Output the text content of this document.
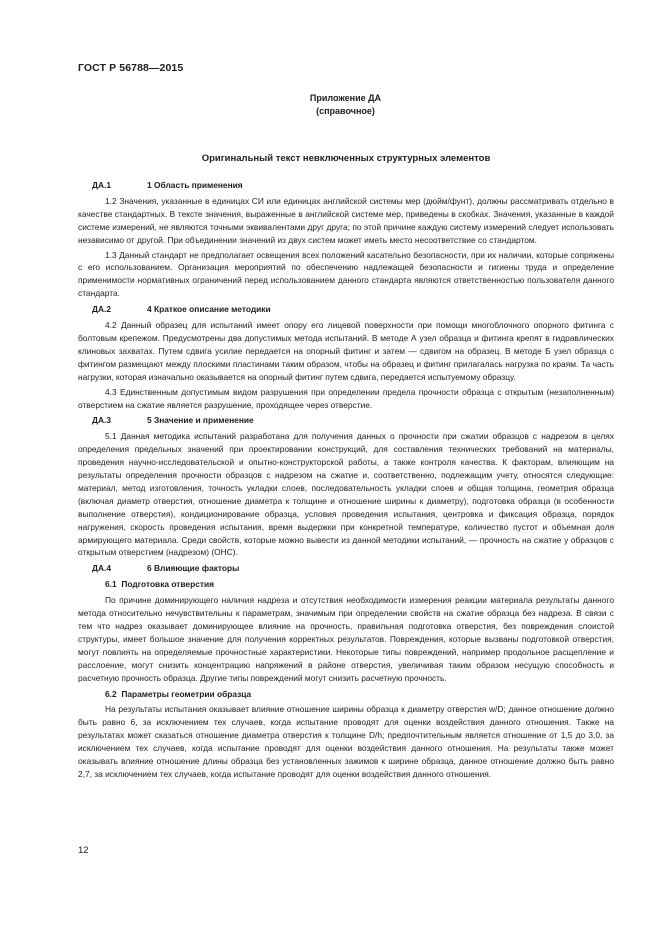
ГОСТ Р 56788—2015
Приложение ДА
(справочное)
Оригинальный текст невключенных структурных элементов
ДА.1	1 Область применения

1.2 Значения, указанные в единицах СИ или единицах английской системы мер (дюйм/фунт), должны рассматривать отдельно в качестве стандартных. В тексте значения, выраженные в английской системе мер, приведены в скобках. Значения, указанные в каждой системе измерений, не являются точными эквивалентами друг друга; по этой причине каждую систему измерений следует использовать независимо от другой. При объединении значений из двух систем может иметь место несоответствие со стандартом.

1.3 Данный стандарт не предполагает освещения всех положений касательно безопасности, при их наличии, которые сопряжены с его использованием. Организация мероприятий по обеспечению надлежащей безопасности и гигиены труда и определение применимости нормативных ограничений перед использованием данного стандарта являются ответственностью пользователя данного стандарта.

ДА.2	4 Краткое описание методики

4.2 Данный образец для испытаний имеет опору его лицевой поверхности при помощи многоблочного опорного фитинга с болтовым крепежом. Предусмотрены два допустимых метода испытаний. В методе А узел образца и фитинга крепят в гидравлических клиновых захватах. Путем сдвига усилие передается на опорный фитинг и затем — сдвигом на образец. В методе Б узел образца с фитингом размещают между плоскими пластинами таким образом, чтобы на образец и фитинг прилагалась нагрузка по краям. Та часть нагрузки, которая изначально оказывается на опорный фитинг путем сдвига, передается испытуемому образцу.

4.3 Единственным допустимым видом разрушения при определении предела прочности образца с открытым (незаполненным) отверстием на сжатие является разрушение, проходящее через отверстие.

ДА.3	5 Значение и применение

5.1 Данная методика испытаний разработана для получения данных о прочности при сжатии образцов с надрезом в целях определения предельных значений при проектировании конструкций, для составления технических требований на материалы, проведения научно-исследовательской и опытно-конструкторской работы, а также контроля качества. К факторам, влияющим на результаты определения прочности образцов с надрезом на сжатие и, соответственно, подлежащим учету, относятся следующие: материал, метод изготовления, точность укладки слоев, последовательность укладки слоев и общая толщина, геометрия образца (включая диаметр отверстия, отношение диаметра к толщине и отношение ширины к диаметру), подготовка образца (в особенности выполнение отверстия), кондиционирование образца, условия проведения испытания, центровка и фиксация образца, порядок нагружения, скорость проведения испытания, время выдержки при конкретной температуре, количество пустот и объемная доля армирующего материала. Среди свойств, которые можно вывести из данной методики испытаний, — прочность на сжатие у образцов с открытым отверстием (надрезом) (ОНС).

ДА.4	6 Влияющие факторы
6.1 Подготовка отверстия

По причине доминирующего наличия надреза и отсутствия необходимости измерения реакции материала результаты данного метода относительно нечувствительны к параметрам, значимым при определении свойств на сжатие образца без надреза. В связи с тем что надрез оказывает доминирующее влияние на прочность, правильная подготовка отверстия, без повреждения слоистой структуры, имеет большое значение для получения корректных результатов. Повреждения, которые вызваны подготовкой отверстия, могут повлиять на определяемые прочностные характеристики. Некоторые типы повреждений, например продольное расщепление и расслоение, могут снизить концентрацию напряжений в районе отверстия, увеличивая таким образом несущую способность и расчетную прочность образца. Другие типы повреждений могут снизить расчетную прочность.

6.2 Параметры геометрии образца

На результаты испытания оказывает влияние отношение ширины образца к диаметру отверстия w/D; данное отношение должно быть равно 6, за исключением тех случаев, когда испытание проводят для оценки воздействия данного отношения. Также на результатах может сказаться отношение диаметра отверстия к толщине D/h; предпочтительным является отношение от 1,5 до 3,0, за исключением тех случаев, когда испытание проводят для оценки воздействия данного отношения. На результаты также может оказывать влияние отношение длины образца без установленных зажимов к ширине образца, данное отношение должно быть равно 2,7, за исключением тех случаев, когда испытание проводят для оценки воздействия данного отношения.

12
